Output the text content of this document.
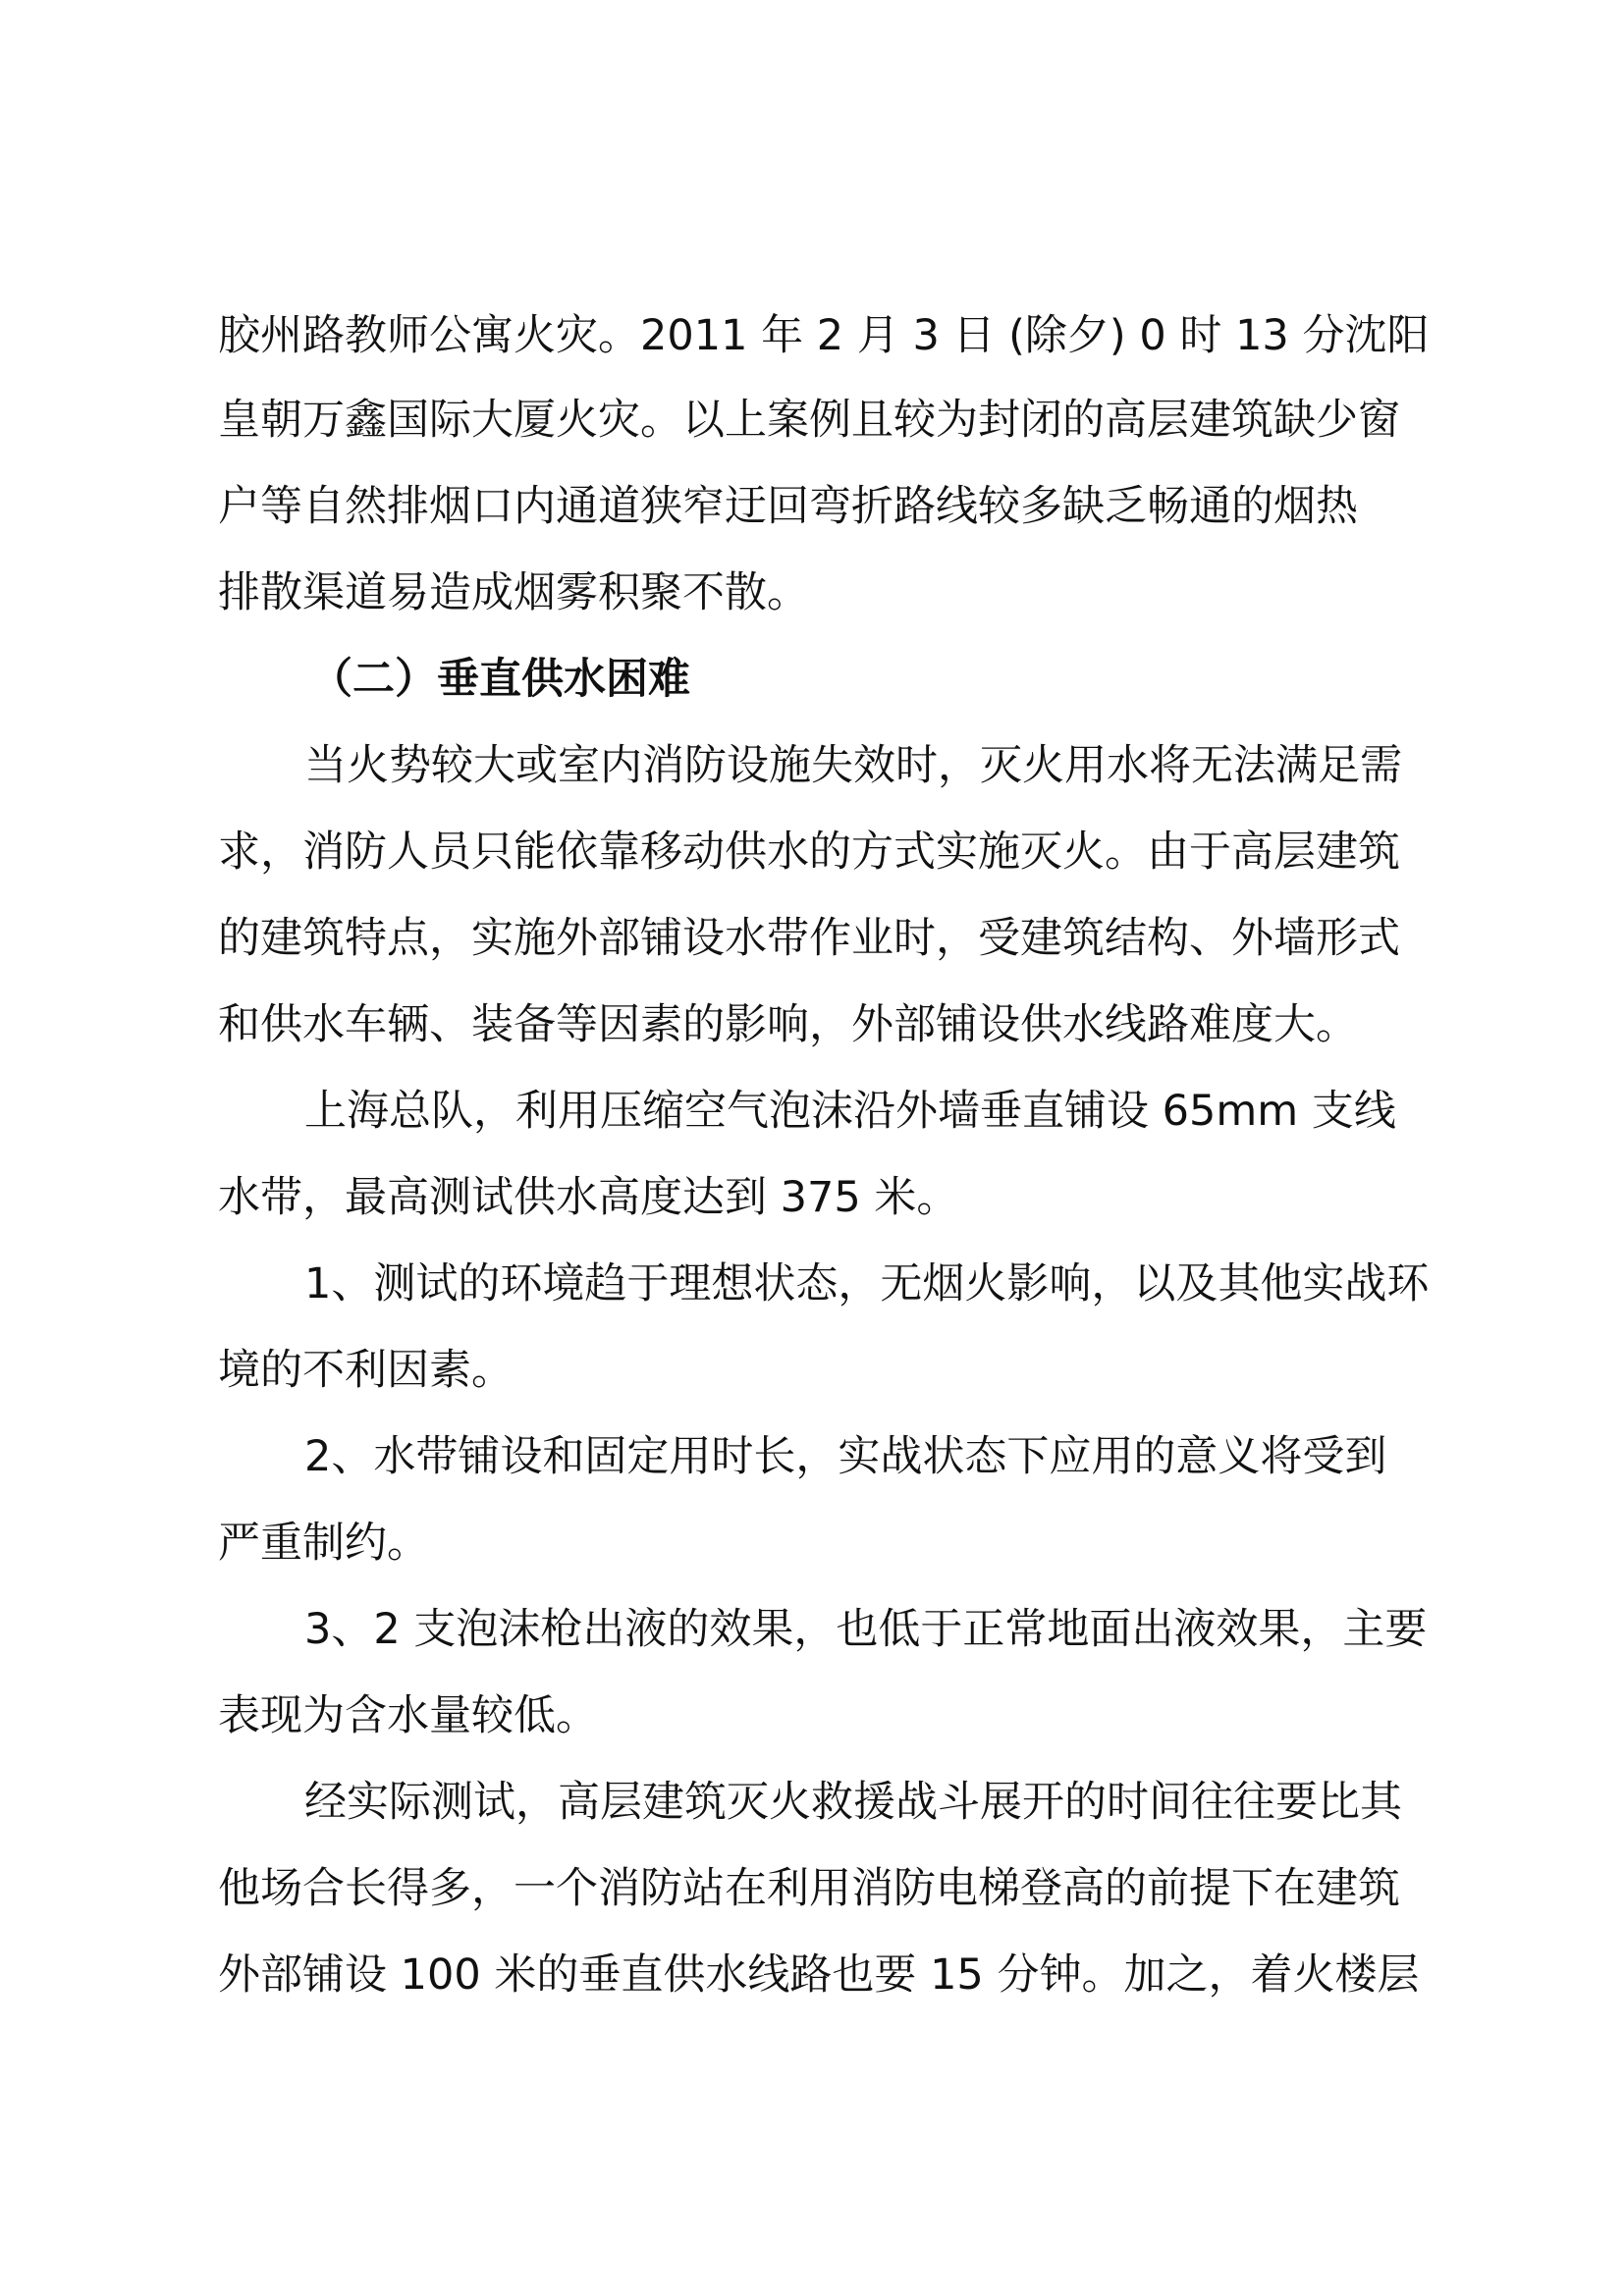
胶州路教师公寓火灾。2011 年 2 月 3 日 (除夕) 0 时 13 分沈阳
皇朝万鑫国际大厦火灾。以上案例且较为封闭的高层建筑缺少窗
户等自然排烟口内通道狭窄迂回弯折路线较多缺乏畅通的烟热
排散渠道易造成烟雾积聚不散。
（二）垂直供水困难
当火势较大或室内消防设施失效时，灭火用水将无法满足需
求，消防人员只能依靠移动供水的方式实施灭火。由于高层建筑
的建筑特点，实施外部铺设水带作业时，受建筑结构、外墙形式
和供水车辆、装备等因素的影响，外部铺设供水线路难度大。
上海总队，利用压缩空气泡沫沿外墙垂直铺设 65mm 支线
水带，最高测试供水高度达到 375 米。
1、测试的环境趋于理想状态，无烟火影响，以及其他实战环
境的不利因素。
2、水带铺设和固定用时长，实战状态下应用的意义将受到
严重制约。
3、2 支泡沫枪出液的效果，也低于正常地面出液效果，主要
表现为含水量较低。
经实际测试，高层建筑灭火救援战斗展开的时间往往要比其
他场合长得多，一个消防站在利用消防电梯登高的前提下在建筑
外部铺设 100 米的垂直供水线路也要 15 分钟。加之，着火楼层
